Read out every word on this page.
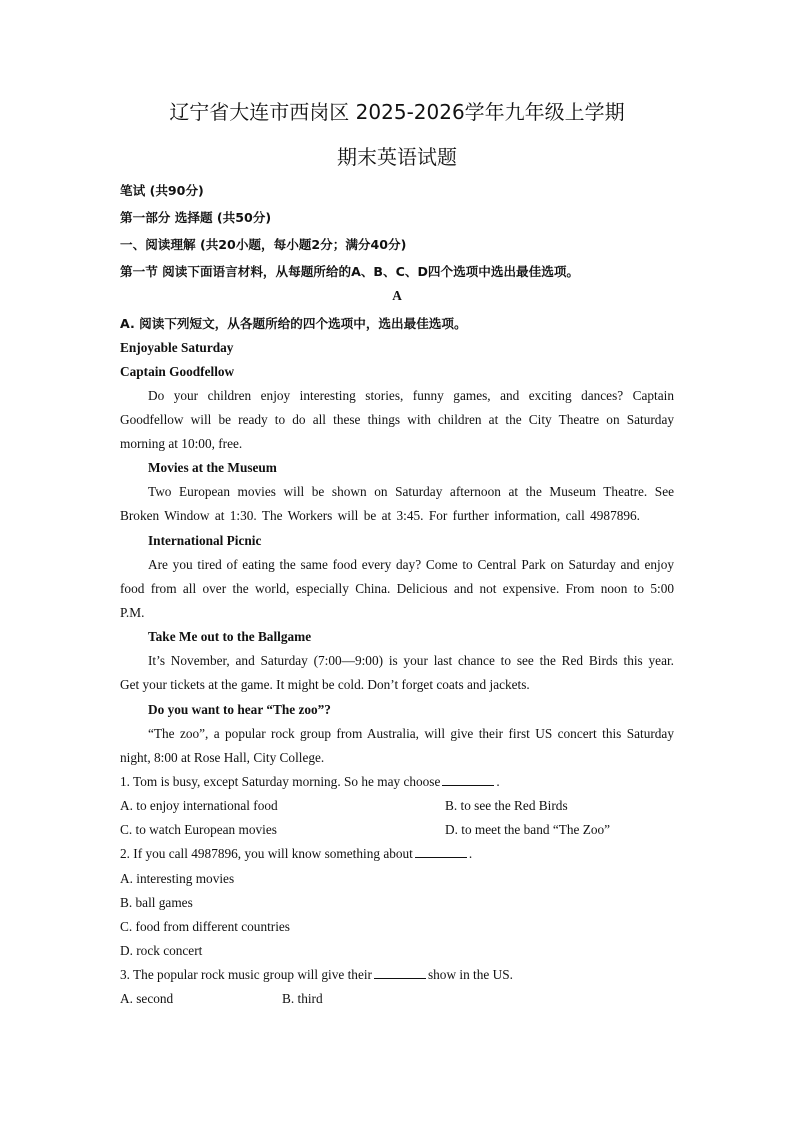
辽宁省大连市西岗区 2025-2026学年九年级上学期
期末英语试题
笔试 (共90分)
第一部分 选择题 (共50分)
一、阅读理解 (共20小题，每小题2分；满分40分)
第一节 阅读下面语言材料，从每题所给的A、B、C、D四个选项中选出最佳选项。
A
A. 阅读下列短文，从各题所给的四个选项中，选出最佳选项。
Enjoyable Saturday
Captain Goodfellow
Do your children enjoy interesting stories, funny games, and exciting dances? Captain
Goodfellow will be ready to do all these things with children at the City Theatre on Saturday
morning at 10:00, free.
Movies at the Museum
Two European movies will be shown on Saturday afternoon at the Museum Theatre. See
Broken Window at 1:30. The Workers will be at 3:45. For further information, call 4987896.
International Picnic
Are you tired of eating the same food every day? Come to Central Park on Saturday and enjoy
food from all over the world, especially China. Delicious and not expensive. From noon to 5:00
P.M.
Take Me out to the Ballgame
It’s November, and Saturday (7:00—9:00) is your last chance to see the Red Birds this year.
Get your tickets at the game. It might be cold. Don’t forget coats and jackets.
Do you want to hear “The zoo”?
“The zoo”, a popular rock group from Australia, will give their first US concert this Saturday
night, 8:00 at Rose Hall, City College.
1. Tom is busy, except Saturday morning. So he may choose	.
A. to enjoy international food	B. to see the Red Birds
C. to watch European movies	D. to meet the band “The Zoo”
2. If you call 4987896, you will know something about	.
A. interesting movies
B. ball games
C. food from different countries
D. rock concert
3. The popular rock music group will give their	show in the US.
A. second	B. third
